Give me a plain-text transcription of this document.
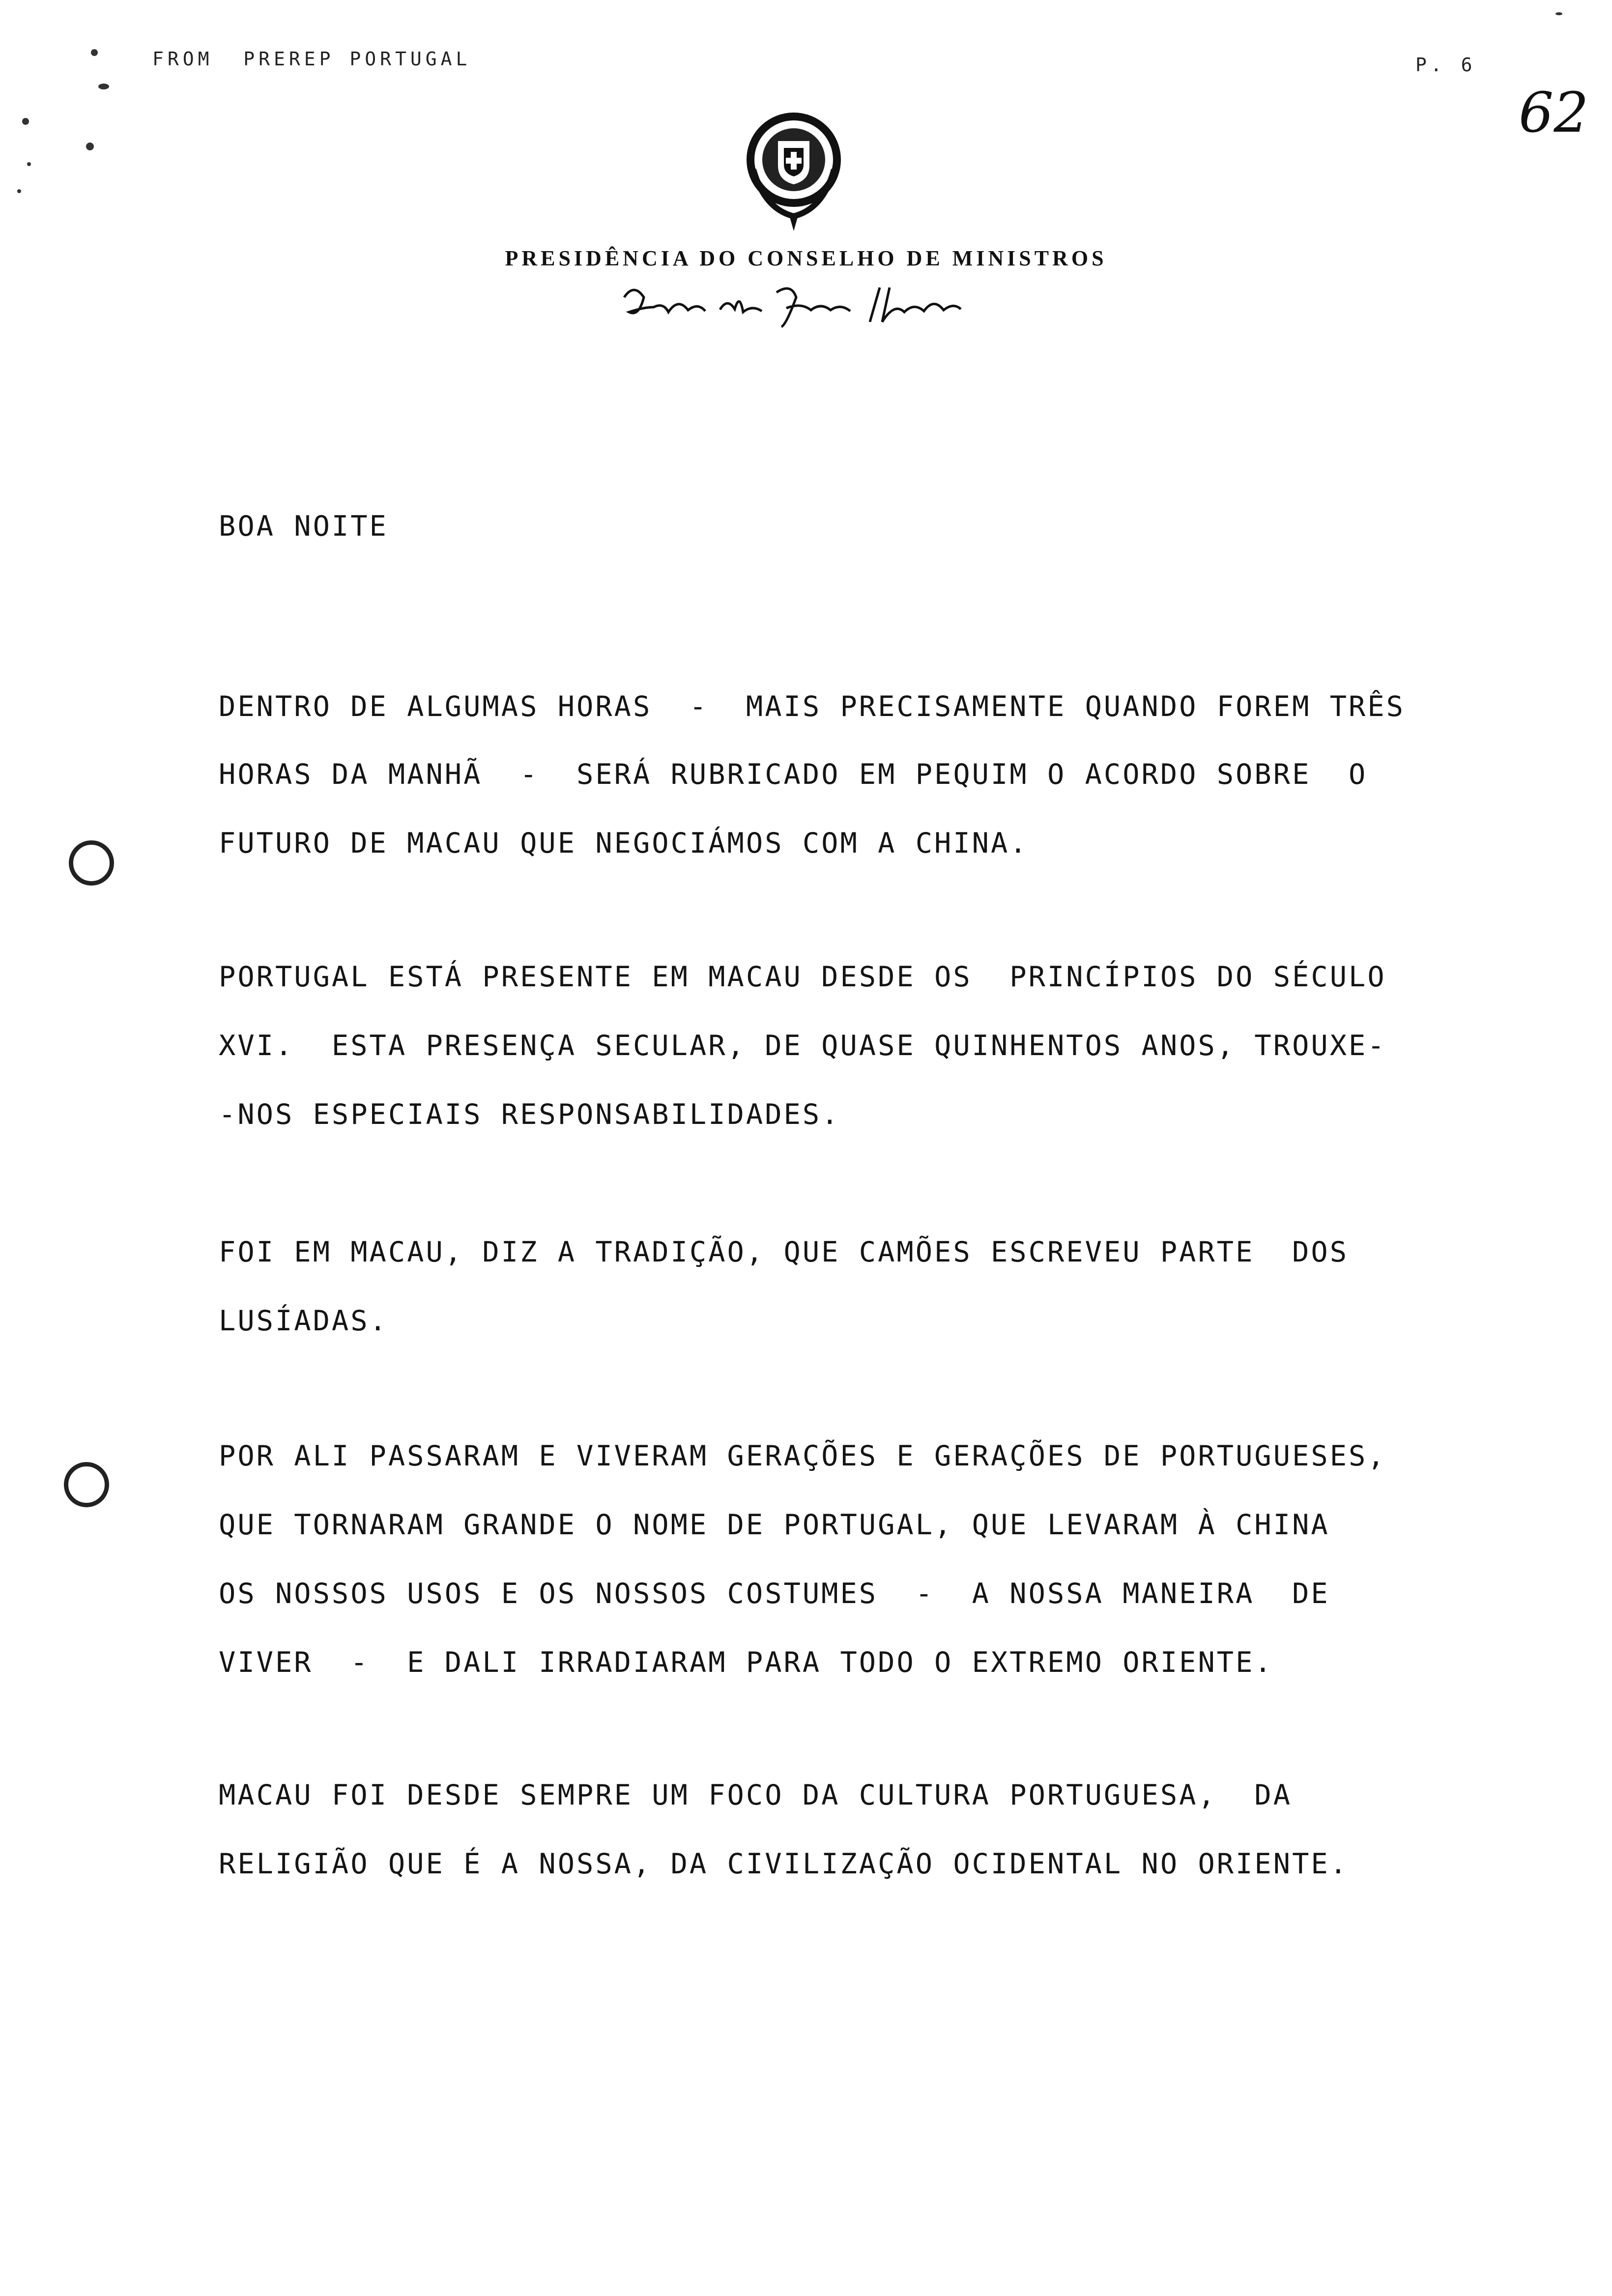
FROM  PREREP PORTUGAL	P. 6
62
PRESIDÊNCIA DO CONSELHO DE MINISTROS
BOA NOITE
DENTRO DE ALGUMAS HORAS  -  MAIS PRECISAMENTE QUANDO FOREM TRÊS
HORAS DA MANHÃ  -  SERÁ RUBRICADO EM PEQUIM O ACORDO SOBRE  O
FUTURO DE MACAU QUE NEGOCIÁMOS COM A CHINA.
PORTUGAL ESTÁ PRESENTE EM MACAU DESDE OS  PRINCÍPIOS DO SÉCULO
XVI.  ESTA PRESENÇA SECULAR, DE QUASE QUINHENTOS ANOS, TROUXE-
-NOS ESPECIAIS RESPONSABILIDADES.
FOI EM MACAU, DIZ A TRADIÇÃO, QUE CAMÕES ESCREVEU PARTE  DOS
LUSÍADAS.
POR ALI PASSARAM E VIVERAM GERAÇÕES E GERAÇÕES DE PORTUGUESES,
QUE TORNARAM GRANDE O NOME DE PORTUGAL, QUE LEVARAM À CHINA
OS NOSSOS USOS E OS NOSSOS COSTUMES  -  A NOSSA MANEIRA  DE
VIVER  -  E DALI IRRADIARAM PARA TODO O EXTREMO ORIENTE.
MACAU FOI DESDE SEMPRE UM FOCO DA CULTURA PORTUGUESA,  DA
RELIGIÃO QUE É A NOSSA, DA CIVILIZAÇÃO OCIDENTAL NO ORIENTE.
